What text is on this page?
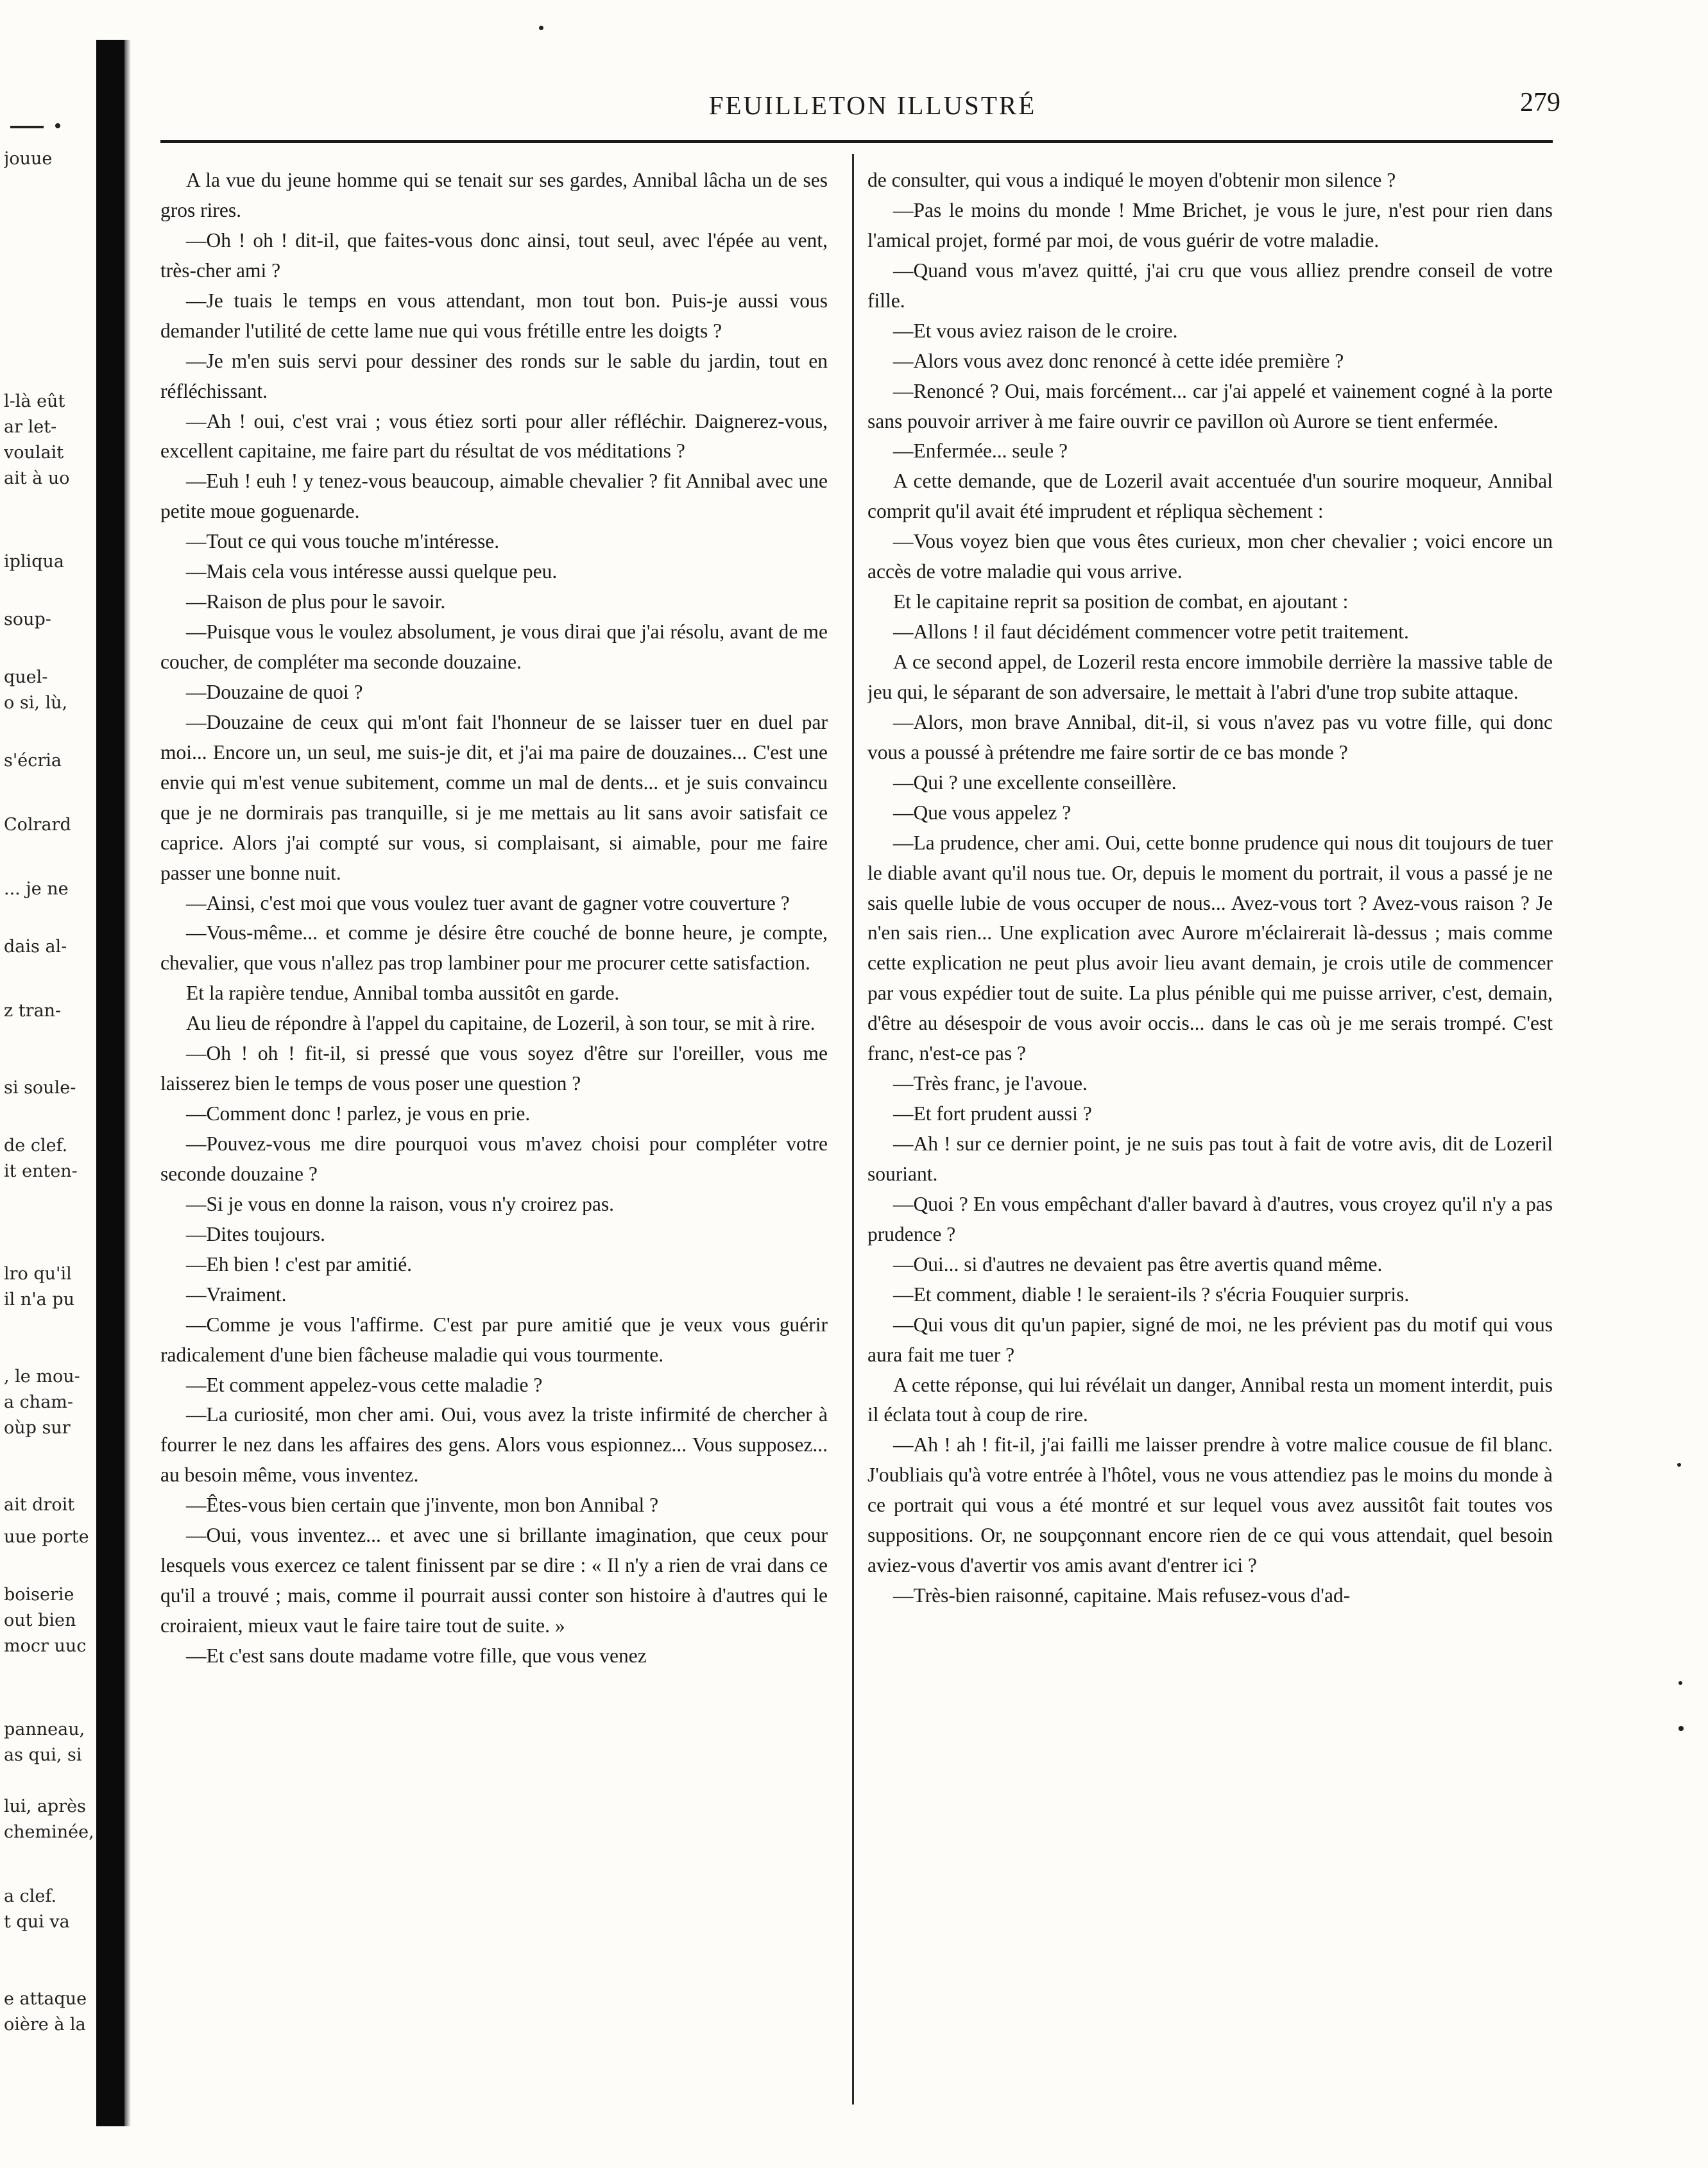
jouue
l-là eût
ar let-
voulait
ait à uo
ipliqua
soup-
quel-
o si, lù,
s'écria
Colrard
... je ne
dais al-
z tran-
si soule-
de clef.
it enten-
lro qu'il
il n'a pu
, le mou-
a cham-
oùp sur
ait droit
uue porte
boiserie
out bien
mocr uuc
panneau,
as qui, si
lui, après
cheminée,
a clef.
t qui va
e attaque
oière à la
FEUILLETON ILLUSTRÉ	279

A la vue du jeune homme qui se tenait sur ses gardes, Annibal lâcha un de ses gros rires.

—Oh ! oh ! dit-il, que faites-vous donc ainsi, tout seul, avec l'épée au vent, très-cher ami ?

—Je tuais le temps en vous attendant, mon tout bon. Puis-je aussi vous demander l'utilité de cette lame nue qui vous frétille entre les doigts ?

—Je m'en suis servi pour dessiner des ronds sur le sable du jardin, tout en réfléchissant.

—Ah ! oui, c'est vrai ; vous étiez sorti pour aller réfléchir. Daignerez-vous, excellent capitaine, me faire part du résultat de vos méditations ?

—Euh ! euh ! y tenez-vous beaucoup, aimable chevalier ? fit Annibal avec une petite moue goguenarde.

—Tout ce qui vous touche m'intéresse.

—Mais cela vous intéresse aussi quelque peu.

—Raison de plus pour le savoir.

—Puisque vous le voulez absolument, je vous dirai que j'ai résolu, avant de me coucher, de compléter ma seconde douzaine.

—Douzaine de quoi ?

—Douzaine de ceux qui m'ont fait l'honneur de se laisser tuer en duel par moi... Encore un, un seul, me suis-je dit, et j'ai ma paire de douzaines... C'est une envie qui m'est venue subitement, comme un mal de dents... et je suis convaincu que je ne dormirais pas tranquille, si je me mettais au lit sans avoir satisfait ce caprice. Alors j'ai compté sur vous, si complaisant, si aimable, pour me faire passer une bonne nuit.

—Ainsi, c'est moi que vous voulez tuer avant de gagner votre couverture ?

—Vous-même... et comme je désire être couché de bonne heure, je compte, chevalier, que vous n'allez pas trop lambiner pour me procurer cette satisfaction.

Et la rapière tendue, Annibal tomba aussitôt en garde.

Au lieu de répondre à l'appel du capitaine, de Lozeril, à son tour, se mit à rire.

—Oh ! oh ! fit-il, si pressé que vous soyez d'être sur l'oreiller, vous me laisserez bien le temps de vous poser une question ?

—Comment donc ! parlez, je vous en prie.

—Pouvez-vous me dire pourquoi vous m'avez choisi pour compléter votre seconde douzaine ?

—Si je vous en donne la raison, vous n'y croirez pas.

—Dites toujours.

—Eh bien ! c'est par amitié.

—Vraiment.

—Comme je vous l'affirme. C'est par pure amitié que je veux vous guérir radicalement d'une bien fâcheuse maladie qui vous tourmente.

—Et comment appelez-vous cette maladie ?

—La curiosité, mon cher ami. Oui, vous avez la triste infirmité de chercher à fourrer le nez dans les affaires des gens. Alors vous espionnez... Vous supposez... au besoin même, vous inventez.

—Êtes-vous bien certain que j'invente, mon bon Annibal ?

—Oui, vous inventez... et avec une si brillante imagination, que ceux pour lesquels vous exercez ce talent finissent par se dire : « Il n'y a rien de vrai dans ce qu'il a trouvé ; mais, comme il pourrait aussi conter son histoire à d'autres qui le croiraient, mieux vaut le faire taire tout de suite. »

—Et c'est sans doute madame votre fille, que vous venez

de consulter, qui vous a indiqué le moyen d'obtenir mon silence ?

—Pas le moins du monde ! Mme Brichet, je vous le jure, n'est pour rien dans l'amical projet, formé par moi, de vous guérir de votre maladie.

—Quand vous m'avez quitté, j'ai cru que vous alliez prendre conseil de votre fille.

—Et vous aviez raison de le croire.

—Alors vous avez donc renoncé à cette idée première ?

—Renoncé ? Oui, mais forcément... car j'ai appelé et vainement cogné à la porte sans pouvoir arriver à me faire ouvrir ce pavillon où Aurore se tient enfermée.

—Enfermée... seule ?

A cette demande, que de Lozeril avait accentuée d'un sourire moqueur, Annibal comprit qu'il avait été imprudent et répliqua sèchement :

—Vous voyez bien que vous êtes curieux, mon cher chevalier ; voici encore un accès de votre maladie qui vous arrive.

Et le capitaine reprit sa position de combat, en ajoutant :

—Allons ! il faut décidément commencer votre petit traitement.

A ce second appel, de Lozeril resta encore immobile derrière la massive table de jeu qui, le séparant de son adversaire, le mettait à l'abri d'une trop subite attaque.

—Alors, mon brave Annibal, dit-il, si vous n'avez pas vu votre fille, qui donc vous a poussé à prétendre me faire sortir de ce bas monde ?

—Qui ? une excellente conseillère.

—Que vous appelez ?

—La prudence, cher ami. Oui, cette bonne prudence qui nous dit toujours de tuer le diable avant qu'il nous tue. Or, depuis le moment du portrait, il vous a passé je ne sais quelle lubie de vous occuper de nous... Avez-vous tort ? Avez-vous raison ? Je n'en sais rien... Une explication avec Aurore m'éclairerait là-dessus ; mais comme cette explication ne peut plus avoir lieu avant demain, je crois utile de commencer par vous expédier tout de suite. La plus pénible qui me puisse arriver, c'est, demain, d'être au désespoir de vous avoir occis... dans le cas où je me serais trompé. C'est franc, n'est-ce pas ?

—Très franc, je l'avoue.

—Et fort prudent aussi ?

—Ah ! sur ce dernier point, je ne suis pas tout à fait de votre avis, dit de Lozeril souriant.

—Quoi ? En vous empêchant d'aller bavard à d'autres, vous croyez qu'il n'y a pas prudence ?

—Oui... si d'autres ne devaient pas être avertis quand même.

—Et comment, diable ! le seraient-ils ? s'écria Fouquier surpris.

—Qui vous dit qu'un papier, signé de moi, ne les prévient pas du motif qui vous aura fait me tuer ?

A cette réponse, qui lui révélait un danger, Annibal resta un moment interdit, puis il éclata tout à coup de rire.

—Ah ! ah ! fit-il, j'ai failli me laisser prendre à votre malice cousue de fil blanc. J'oubliais qu'à votre entrée à l'hôtel, vous ne vous attendiez pas le moins du monde à ce portrait qui vous a été montré et sur lequel vous avez aussitôt fait toutes vos suppositions. Or, ne soupçonnant encore rien de ce qui vous attendait, quel besoin aviez-vous d'avertir vos amis avant d'entrer ici ?

—Très-bien raisonné, capitaine. Mais refusez-vous d'ad-
